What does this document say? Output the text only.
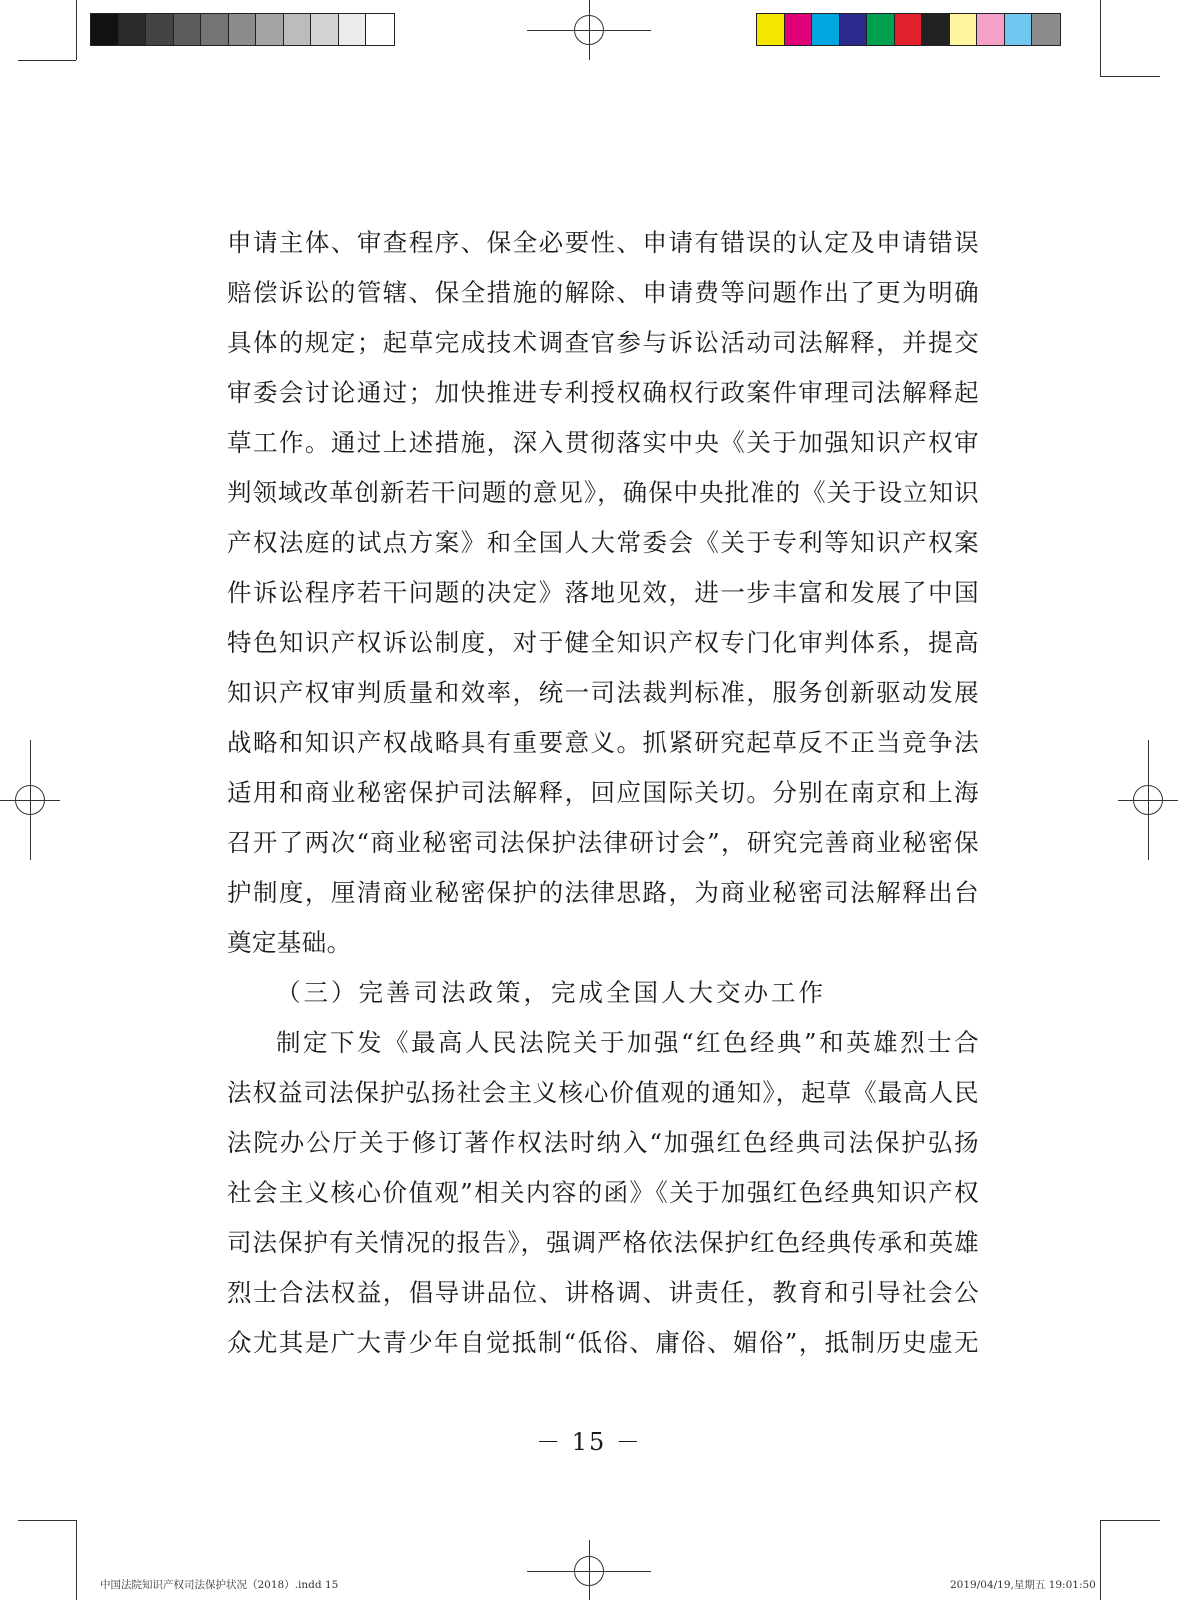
申请主体、审查程序、保全必要性、申请有错误的认定及申请错误
赔偿诉讼的管辖、保全措施的解除、申请费等问题作出了更为明确
具体的规定；起草完成技术调查官参与诉讼活动司法解释，并提交
审委会讨论通过；加快推进专利授权确权行政案件审理司法解释起
草工作。通过上述措施，深入贯彻落实中央《关于加强知识产权审
判领域改革创新若干问题的意见》，确保中央批准的《关于设立知识
产权法庭的试点方案》和全国人大常委会《关于专利等知识产权案
件诉讼程序若干问题的决定》落地见效，进一步丰富和发展了中国
特色知识产权诉讼制度，对于健全知识产权专门化审判体系，提高
知识产权审判质量和效率，统一司法裁判标准，服务创新驱动发展
战略和知识产权战略具有重要意义。抓紧研究起草反不正当竞争法
适用和商业秘密保护司法解释，回应国际关切。分别在南京和上海
召开了两次“商业秘密司法保护法律研讨会”，研究完善商业秘密保
护制度，厘清商业秘密保护的法律思路，为商业秘密司法解释出台
奠定基础。
（三）完善司法政策，完成全国人大交办工作
制定下发《最高人民法院关于加强“红色经典”和英雄烈士合
法权益司法保护弘扬社会主义核心价值观的通知》，起草《最高人民
法院办公厅关于修订著作权法时纳入“加强红色经典司法保护弘扬
社会主义核心价值观”相关内容的函》《关于加强红色经典知识产权
司法保护有关情况的报告》，强调严格依法保护红色经典传承和英雄
烈士合法权益，倡导讲品位、讲格调、讲责任，教育和引导社会公
众尤其是广大青少年自觉抵制“低俗、庸俗、媚俗”，抵制历史虚无
－ 15 －
中国法院知识产权司法保护状况（2018）.indd 15	2019/04/19,星期五 19:01:50
